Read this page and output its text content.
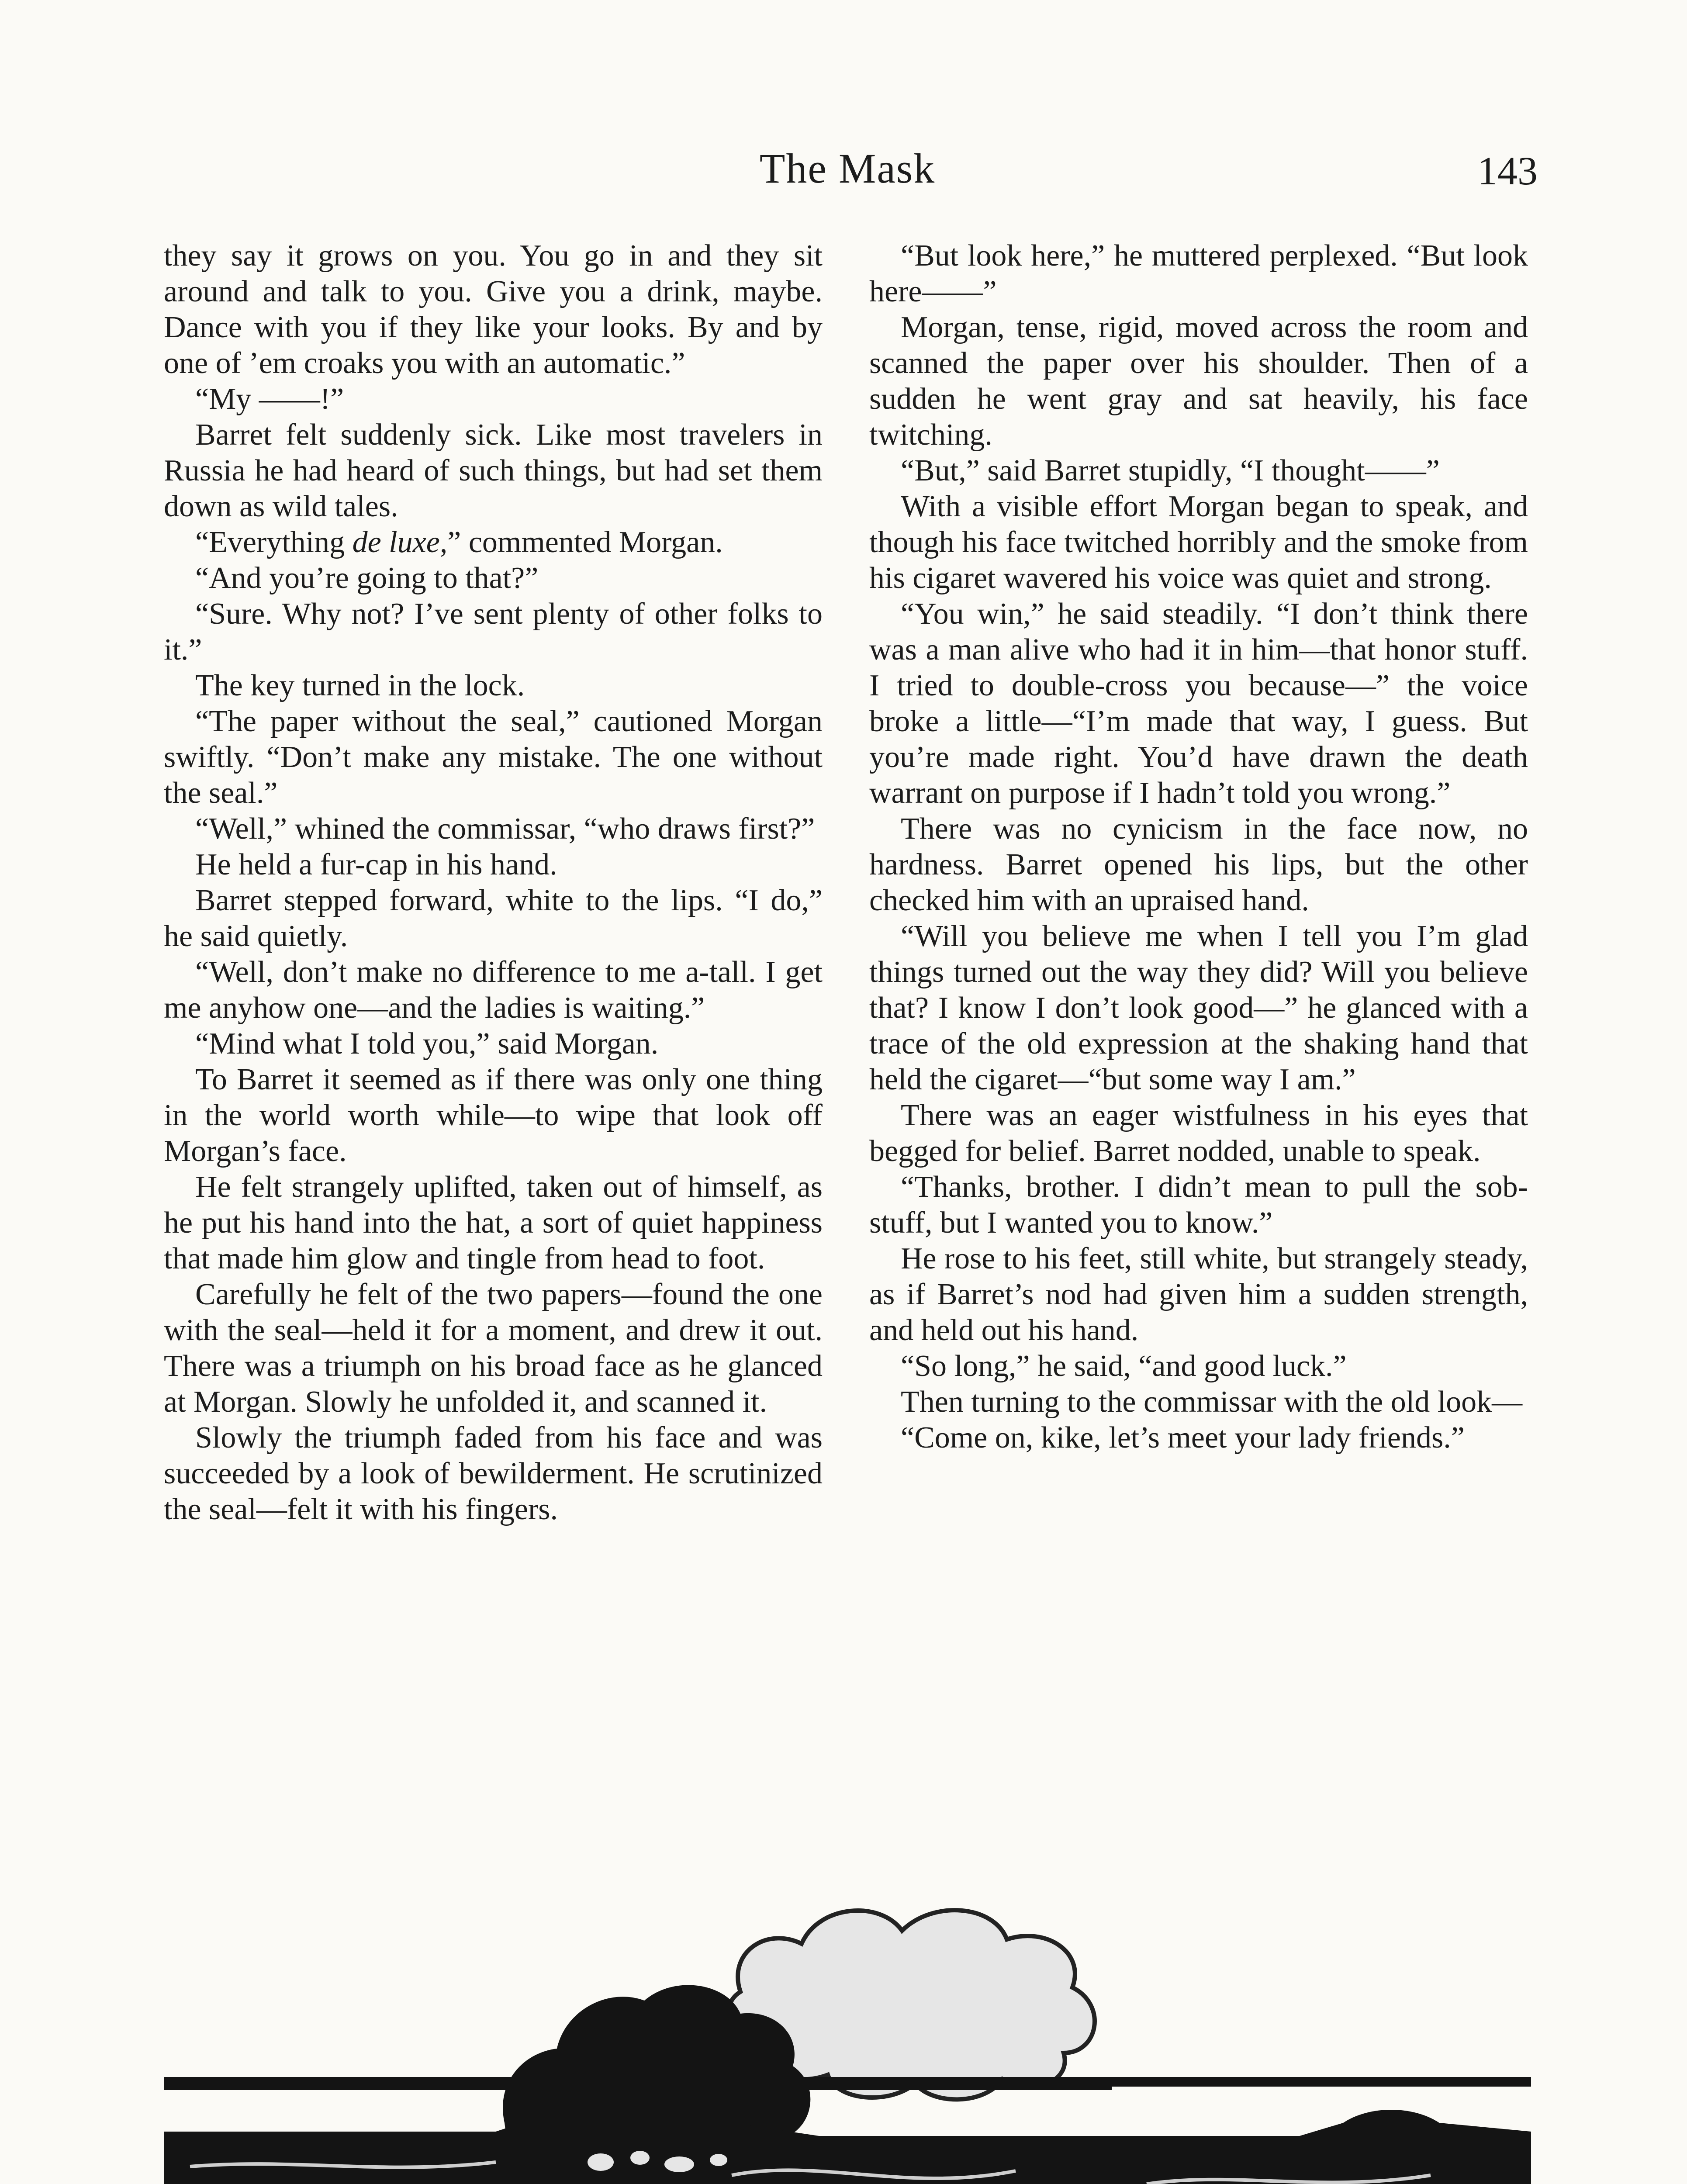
The Mask	143

they say it grows on you. You go in and they sit around and talk to you. Give you a drink, maybe. Dance with you if they like your looks. By and by one of ’em croaks you with an automatic.”

“My ——!”

Barret felt suddenly sick. Like most travelers in Russia he had heard of such things, but had set them down as wild tales.

“Everything de luxe,” commented Morgan.

“And you’re going to that?”

“Sure. Why not? I’ve sent plenty of other folks to it.”

The key turned in the lock.

“The paper without the seal,” cautioned Morgan swiftly. “Don’t make any mistake. The one without the seal.”

“Well,” whined the commissar, “who draws first?”

He held a fur-cap in his hand.

Barret stepped forward, white to the lips. “I do,” he said quietly.

“Well, don’t make no difference to me a-tall. I get me anyhow one—and the ladies is waiting.”

“Mind what I told you,” said Morgan.

To Barret it seemed as if there was only one thing in the world worth while—to wipe that look off Morgan’s face.

He felt strangely uplifted, taken out of himself, as he put his hand into the hat, a sort of quiet happiness that made him glow and tingle from head to foot.

Carefully he felt of the two papers—found the one with the seal—held it for a moment, and drew it out. There was a triumph on his broad face as he glanced at Morgan. Slowly he unfolded it, and scanned it.

Slowly the triumph faded from his face and was succeeded by a look of bewilderment. He scrutinized the seal—felt it with his fingers.

“But look here,” he muttered perplexed. “But look here——”

Morgan, tense, rigid, moved across the room and scanned the paper over his shoulder. Then of a sudden he went gray and sat heavily, his face twitching.

“But,” said Barret stupidly, “I thought——”

With a visible effort Morgan began to speak, and though his face twitched horribly and the smoke from his cigaret wavered his voice was quiet and strong.

“You win,” he said steadily. “I don’t think there was a man alive who had it in him—that honor stuff. I tried to double-cross you because—” the voice broke a little—“I’m made that way, I guess. But you’re made right. You’d have drawn the death warrant on purpose if I hadn’t told you wrong.”

There was no cynicism in the face now, no hardness. Barret opened his lips, but the other checked him with an upraised hand.

“Will you believe me when I tell you I’m glad things turned out the way they did? Will you believe that? I know I don’t look good—” he glanced with a trace of the old expression at the shaking hand that held the cigaret—“but some way I am.”

There was an eager wistfulness in his eyes that begged for belief. Barret nodded, unable to speak.

“Thanks, brother. I didn’t mean to pull the sob-stuff, but I wanted you to know.”

He rose to his feet, still white, but strangely steady, as if Barret’s nod had given him a sudden strength, and held out his hand.

“So long,” he said, “and good luck.”

Then turning to the commissar with the old look—

“Come on, kike, let’s meet your lady friends.”
